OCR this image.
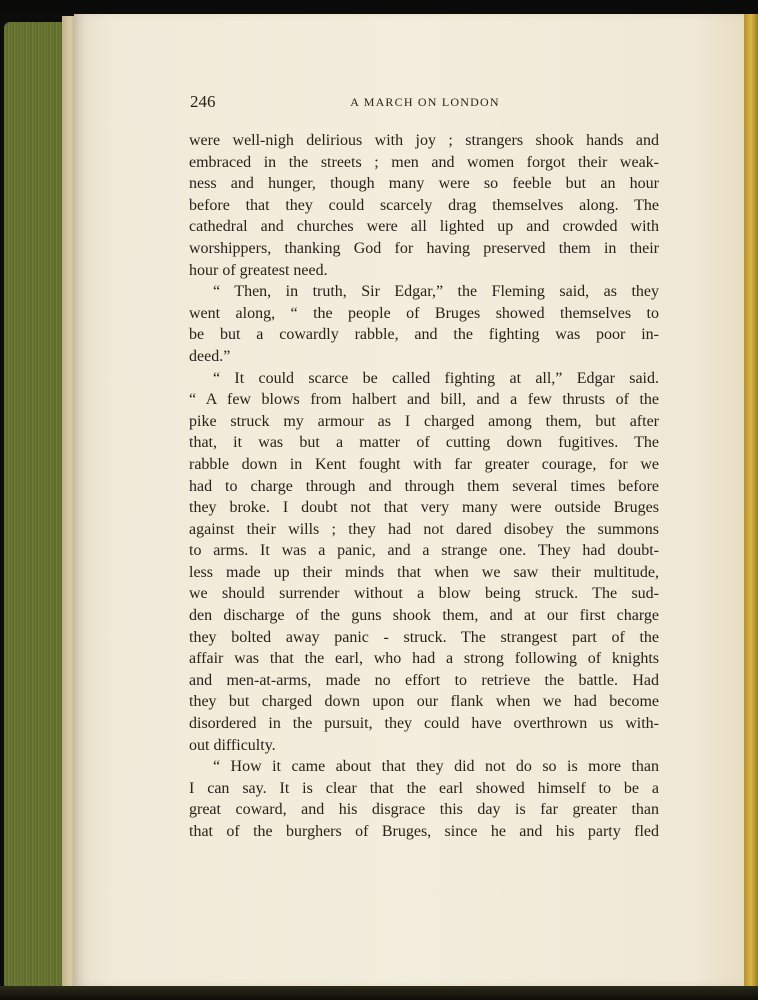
246	A MARCH ON LONDON

were well-nigh delirious with joy ; strangers shook hands and

embraced in the streets ; men and women forgot their weak-

ness and hunger, though many were so feeble but an hour

before that they could scarcely drag themselves along. The

cathedral and churches were all lighted up and crowded with

worshippers, thanking God for having preserved them in their

hour of greatest need.

“ Then, in truth, Sir Edgar,” the Fleming said, as they

went along, “ the people of Bruges showed themselves to

be but a cowardly rabble, and the fighting was poor in-

deed.”

“ It could scarce be called fighting at all,” Edgar said.

“ A few blows from halbert and bill, and a few thrusts of the

pike struck my armour as I charged among them, but after

that, it was but a matter of cutting down fugitives. The

rabble down in Kent fought with far greater courage, for we

had to charge through and through them several times before

they broke. I doubt not that very many were outside Bruges

against their wills ; they had not dared disobey the summons

to arms. It was a panic, and a strange one. They had doubt-

less made up their minds that when we saw their multitude,

we should surrender without a blow being struck. The sud-

den discharge of the guns shook them, and at our first charge

they bolted away panic - struck. The strangest part of the

affair was that the earl, who had a strong following of knights

and men-at-arms, made no effort to retrieve the battle. Had

they but charged down upon our flank when we had become

disordered in the pursuit, they could have overthrown us with-

out difficulty.

“ How it came about that they did not do so is more than

I can say. It is clear that the earl showed himself to be a

great coward, and his disgrace this day is far greater than

that of the burghers of Bruges, since he and his party fled
